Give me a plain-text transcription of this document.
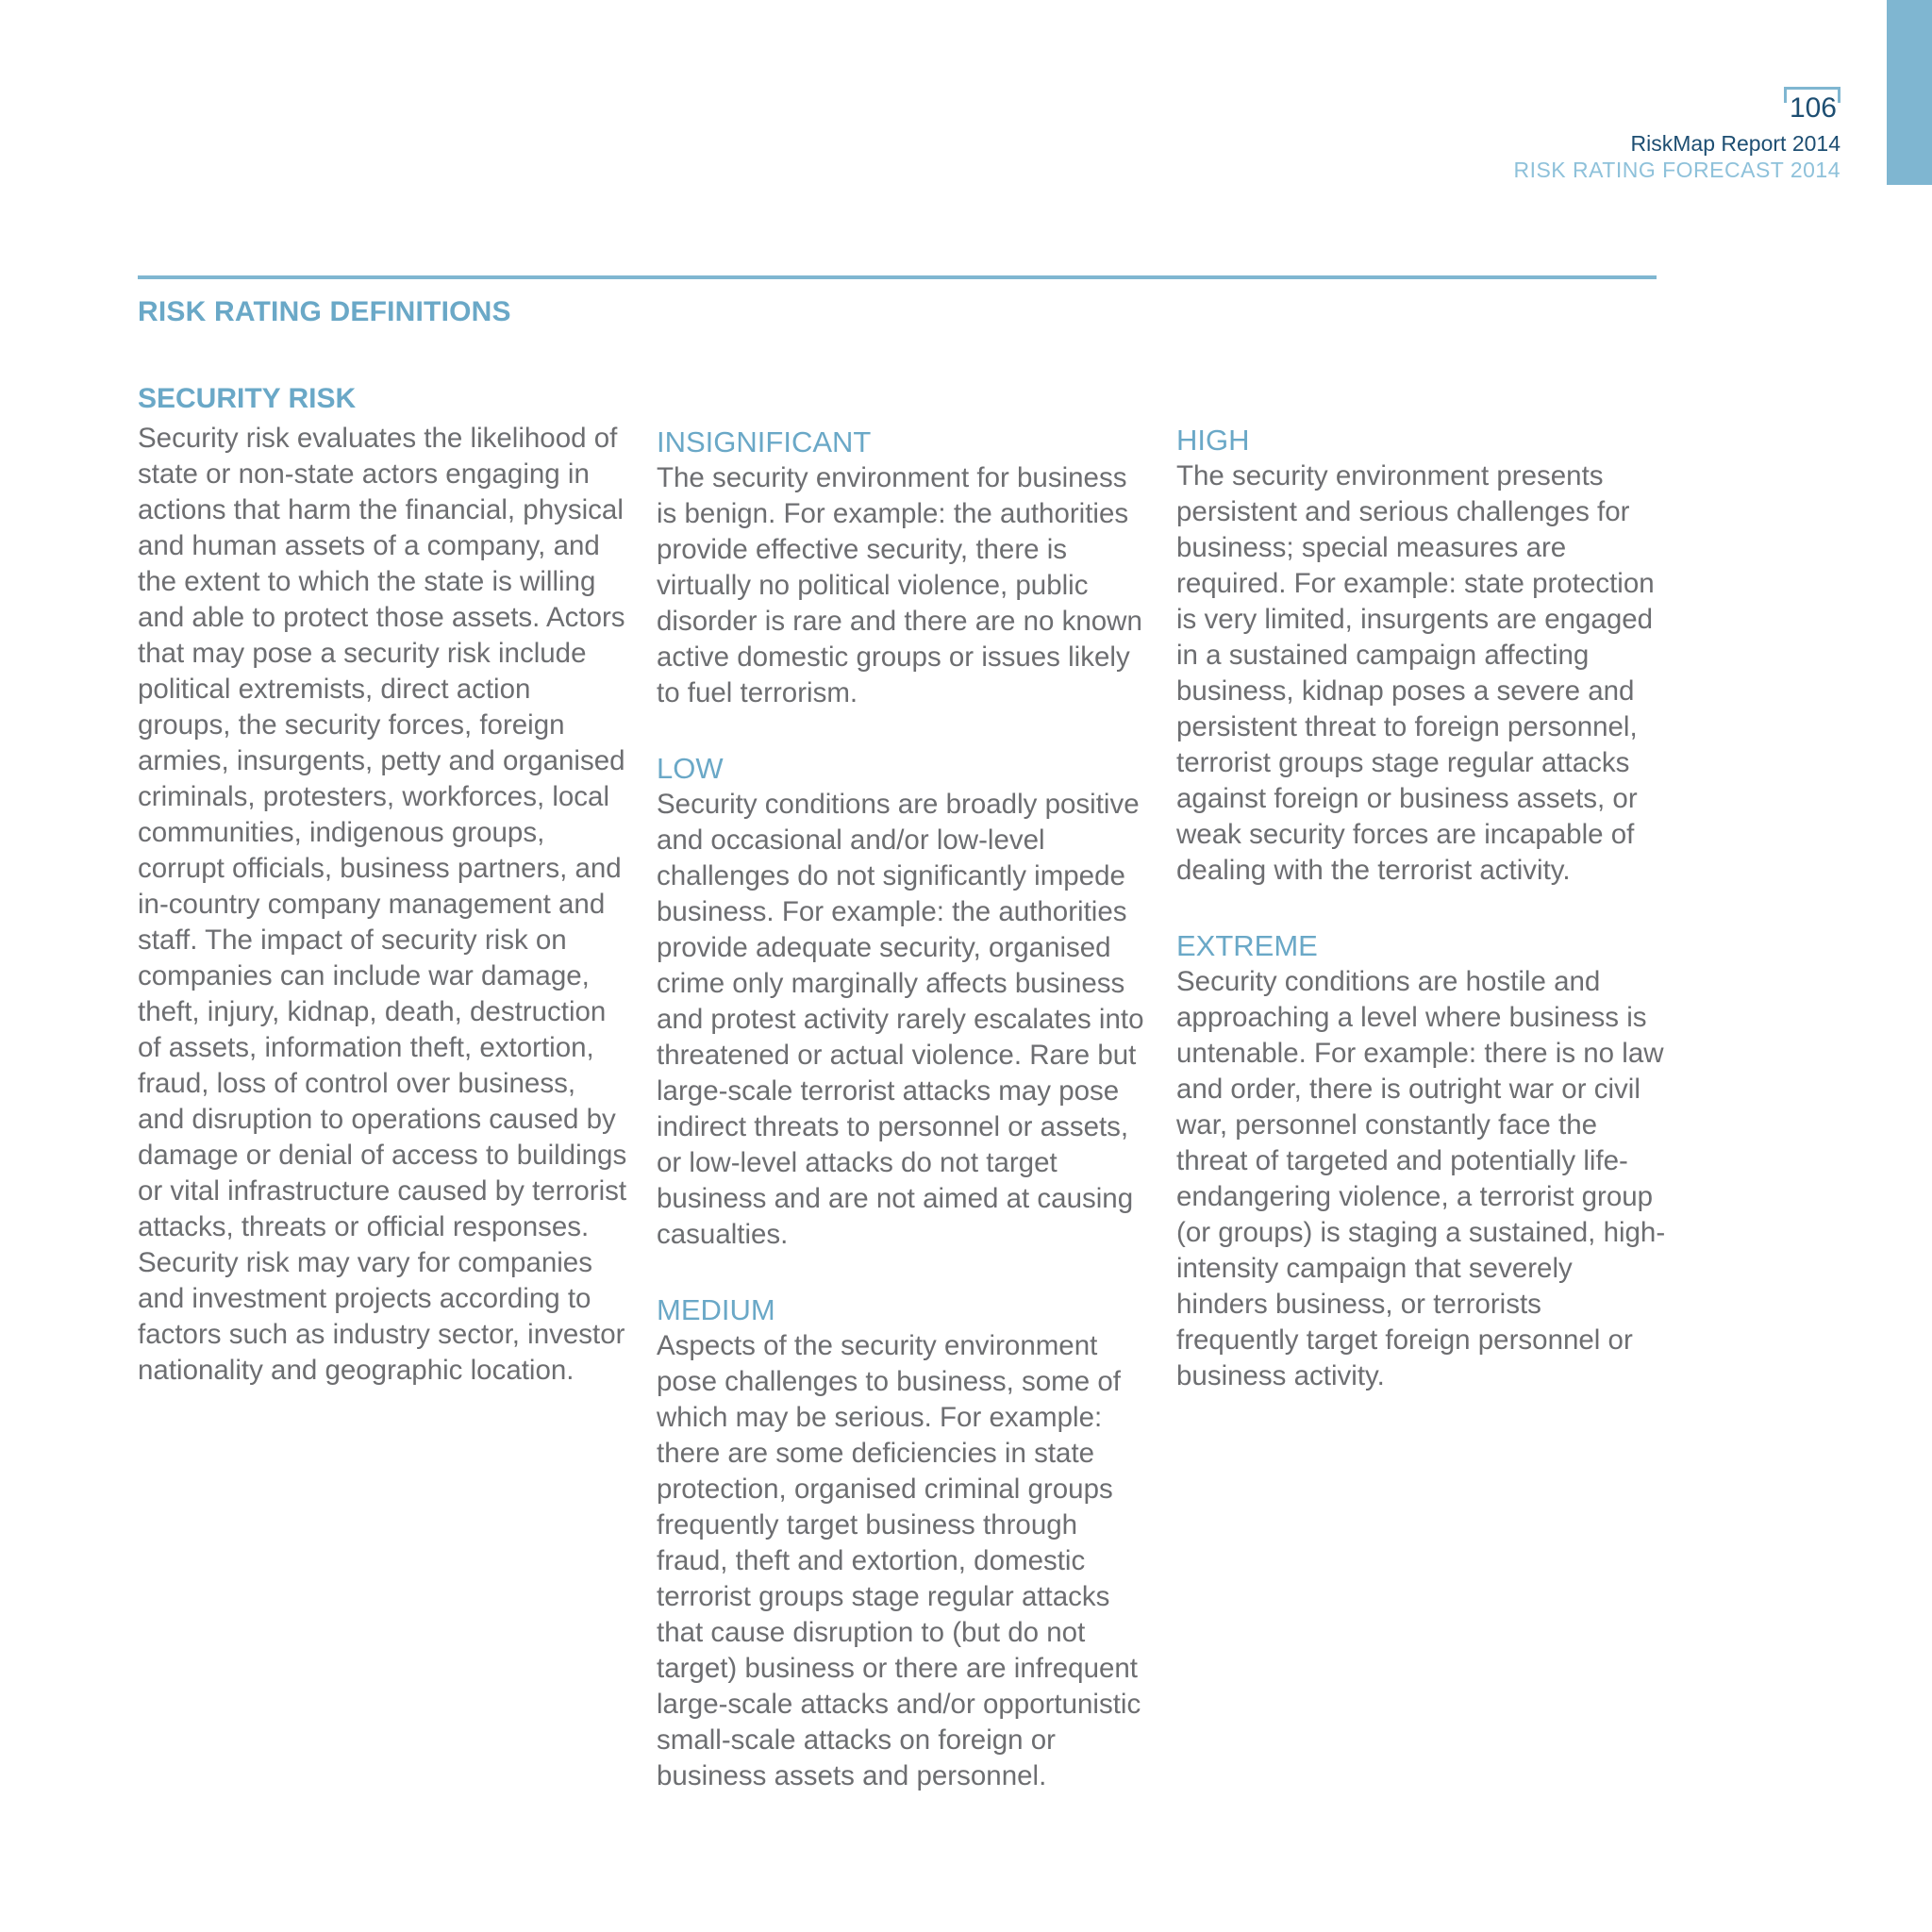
106
RiskMap Report 2014
RISK RATING FORECAST 2014
RISK RATING DEFINITIONS
SECURITY RISK

Security risk evaluates the likelihood of state or non-state actors engaging in actions that harm the financial, physical and human assets of a company, and the extent to which the state is willing and able to protect those assets. Actors that may pose a security risk include political extremists, direct action groups, the security forces, foreign armies, insurgents, petty and organised criminals, protesters, workforces, local communities, indigenous groups, corrupt officials, business partners, and in-country company management and staff. The impact of security risk on companies can include war damage, theft, injury, kidnap, death, destruction of assets, information theft, extortion, fraud, loss of control over business, and disruption to operations caused by damage or denial of access to buildings or vital infrastructure caused by terrorist attacks, threats or official responses. Security risk may vary for companies and investment projects according to factors such as industry sector, investor nationality and geographic location.

INSIGNIFICANT

The security environment for business is benign. For example: the authorities provide effective security, there is virtually no political violence, public disorder is rare and there are no known active domestic groups or issues likely to fuel terrorism.

LOW

Security conditions are broadly positive and occasional and/or low-level challenges do not significantly impede business. For example: the authorities provide adequate security, organised crime only marginally affects business and protest activity rarely escalates into threatened or actual violence. Rare but large-scale terrorist attacks may pose indirect threats to personnel or assets, or low-level attacks do not target business and are not aimed at causing casualties.

MEDIUM

Aspects of the security environment pose challenges to business, some of which may be serious. For example: there are some deficiencies in state protection, organised criminal groups frequently target business through fraud, theft and extortion, domestic terrorist groups stage regular attacks that cause disruption to (but do not target) business or there are infrequent large-scale attacks and/or opportunistic small-scale attacks on foreign or business assets and personnel.

HIGH

The security environment presents persistent and serious challenges for business; special measures are required. For example: state protection is very limited, insurgents are engaged in a sustained campaign affecting business, kidnap poses a severe and persistent threat to foreign personnel, terrorist groups stage regular attacks against foreign or business assets, or weak security forces are incapable of dealing with the terrorist activity.

EXTREME

Security conditions are hostile and approaching a level where business is untenable. For example: there is no law and order, there is outright war or civil war, personnel constantly face the threat of targeted and potentially life-endangering violence, a terrorist group (or groups) is staging a sustained, high-intensity campaign that severely hinders business, or terrorists frequently target foreign personnel or business activity.
